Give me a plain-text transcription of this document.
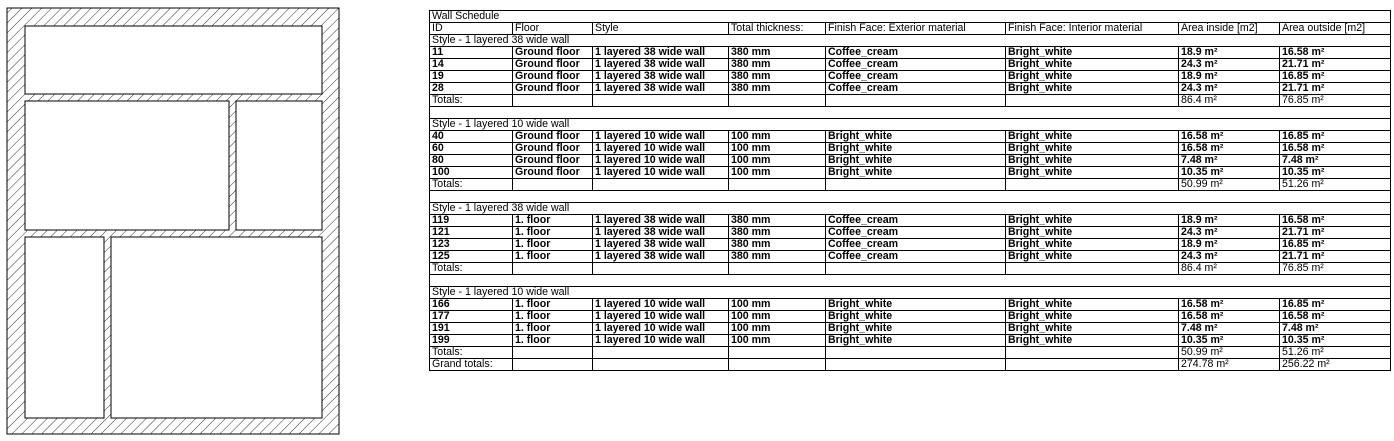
Wall Schedule							
ID	Floor	Style	Total thickness:	Finish Face: Exterior material	Finish Face: Interior material	Area inside [m2]	Area outside [m2]
Style - 1 layered 38 wide wall							
11	Ground floor	1 layered 38 wide wall	380 mm	Coffee_cream	Bright_white	18.9 m²	16.58 m²
14	Ground floor	1 layered 38 wide wall	380 mm	Coffee_cream	Bright_white	24.3 m²	21.71 m²
19	Ground floor	1 layered 38 wide wall	380 mm	Coffee_cream	Bright_white	18.9 m²	16.85 m²
28	Ground floor	1 layered 38 wide wall	380 mm	Coffee_cream	Bright_white	24.3 m²	21.71 m²
Totals:						86.4 m²	76.85 m²

Style - 1 layered 10 wide wall							
40	Ground floor	1 layered 10 wide wall	100 mm	Bright_white	Bright_white	16.58 m²	16.85 m²
60	Ground floor	1 layered 10 wide wall	100 mm	Bright_white	Bright_white	16.58 m²	16.58 m²
80	Ground floor	1 layered 10 wide wall	100 mm	Bright_white	Bright_white	7.48 m²	7.48 m²
100	Ground floor	1 layered 10 wide wall	100 mm	Bright_white	Bright_white	10.35 m²	10.35 m²
Totals:						50.99 m²	51.26 m²

Style - 1 layered 38 wide wall							
119	1. floor	1 layered 38 wide wall	380 mm	Coffee_cream	Bright_white	18.9 m²	16.58 m²
121	1. floor	1 layered 38 wide wall	380 mm	Coffee_cream	Bright_white	24.3 m²	21.71 m²
123	1. floor	1 layered 38 wide wall	380 mm	Coffee_cream	Bright_white	18.9 m²	16.85 m²
125	1. floor	1 layered 38 wide wall	380 mm	Coffee_cream	Bright_white	24.3 m²	21.71 m²
Totals:						86.4 m²	76.85 m²

Style - 1 layered 10 wide wall							
166	1. floor	1 layered 10 wide wall	100 mm	Bright_white	Bright_white	16.58 m²	16.85 m²
177	1. floor	1 layered 10 wide wall	100 mm	Bright_white	Bright_white	16.58 m²	16.58 m²
191	1. floor	1 layered 10 wide wall	100 mm	Bright_white	Bright_white	7.48 m²	7.48 m²
199	1. floor	1 layered 10 wide wall	100 mm	Bright_white	Bright_white	10.35 m²	10.35 m²
Totals:						50.99 m²	51.26 m²
Grand totals:						274.78 m²	256.22 m²
